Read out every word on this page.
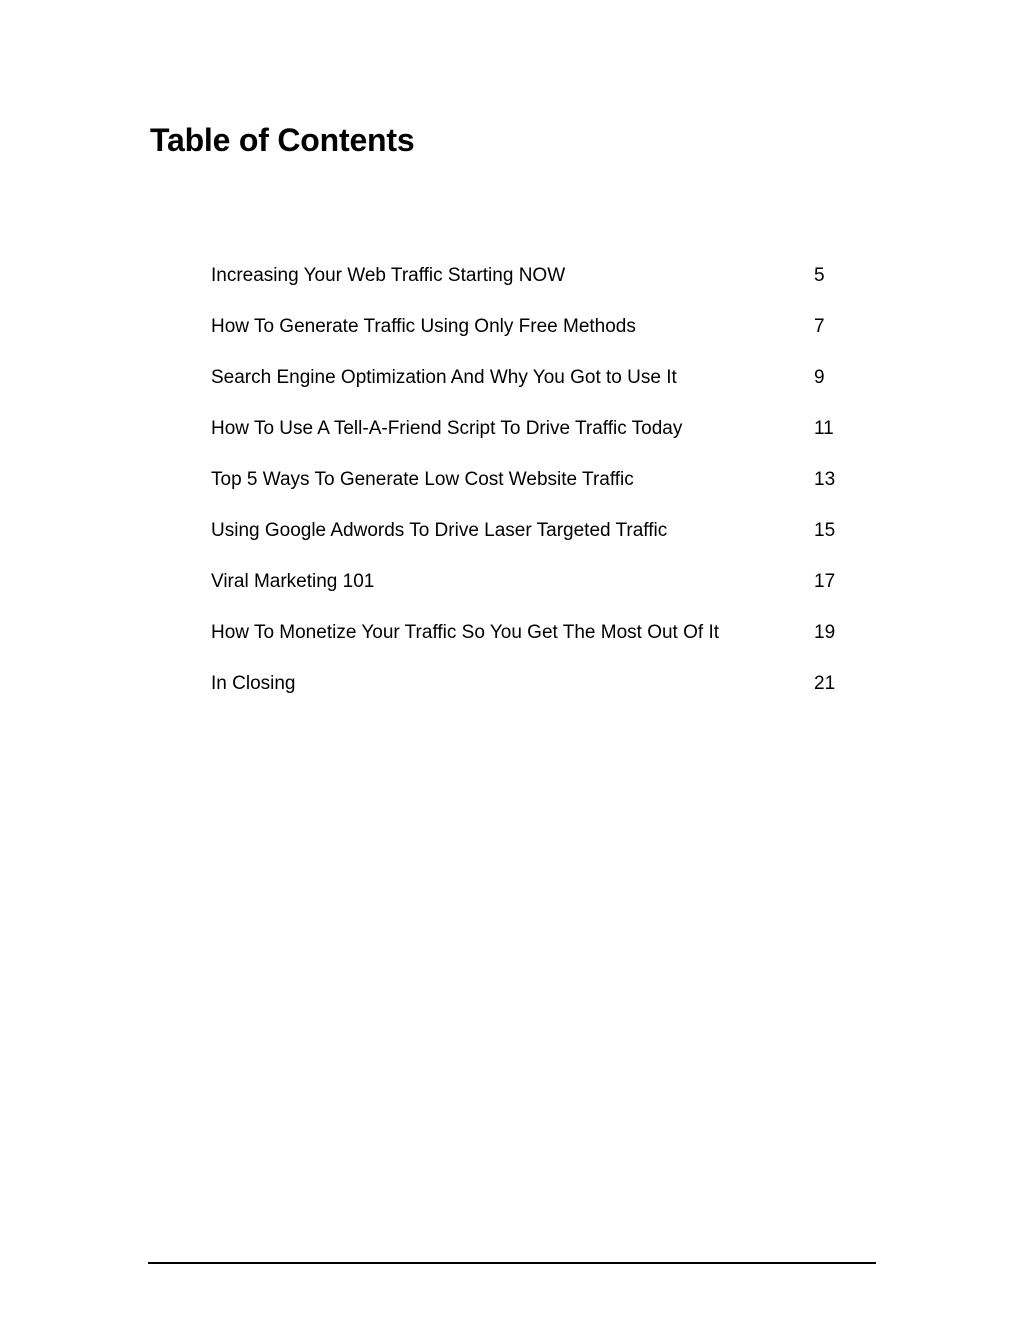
Table of Contents
Increasing Your Web Traffic Starting NOW	5
How To Generate Traffic Using Only Free Methods	7
Search Engine Optimization And Why You Got to Use It	9
How To Use A Tell-A-Friend Script To Drive Traffic Today	11
Top 5 Ways To Generate Low Cost Website Traffic	13
Using Google Adwords To Drive Laser Targeted Traffic	15
Viral Marketing 101	17
How To Monetize Your Traffic So You Get The Most Out Of It	19
In Closing	21
